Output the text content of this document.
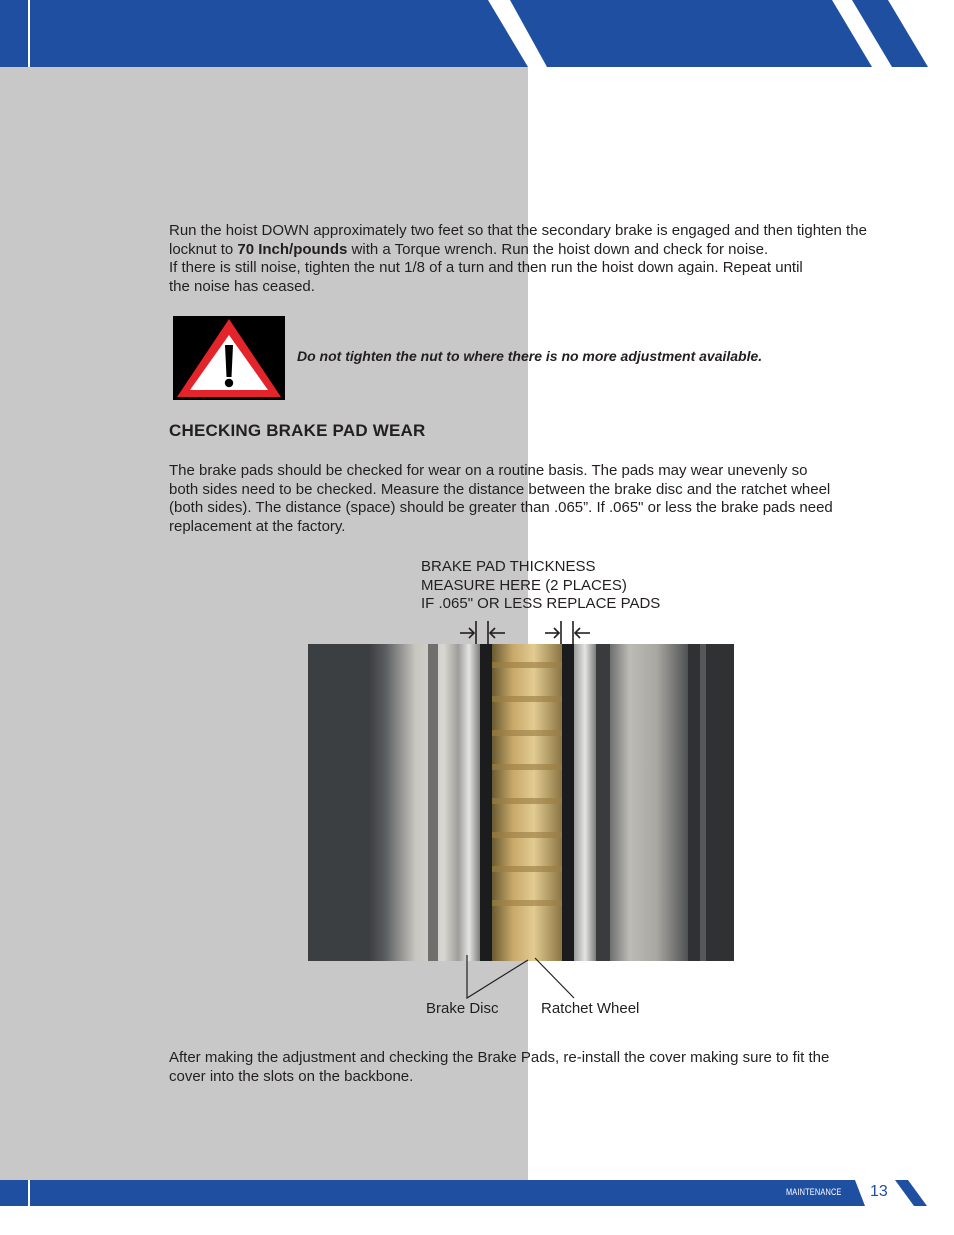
Run the hoist DOWN approximately two feet so that the secondary brake is engaged and then tighten the locknut to 70 Inch/pounds with a Torque wrench. Run the hoist down and check for noise.
If there is still noise, tighten the nut 1/8 of a turn and then run the hoist down again. Repeat until
the noise has ceased.

Do not tighten the nut to where there is no more adjustment available.

CHECKING BRAKE PAD WEAR

The brake pads should be checked for wear on a routine basis. The pads may wear unevenly so
both sides need to be checked. Measure the distance between the brake disc and the ratchet wheel
(both sides). The distance (space) should be greater than .065”. If .065" or less the brake pads need
replacement at the factory.

BRAKE PAD THICKNESS
MEASURE HERE (2 PLACES)
IF .065" OR LESS REPLACE PADS

Brake Disc	Ratchet Wheel

After making the adjustment and checking the Brake Pads, re-install the cover making sure to fit the
cover into the slots on the backbone.

MAINTENANCE 13
